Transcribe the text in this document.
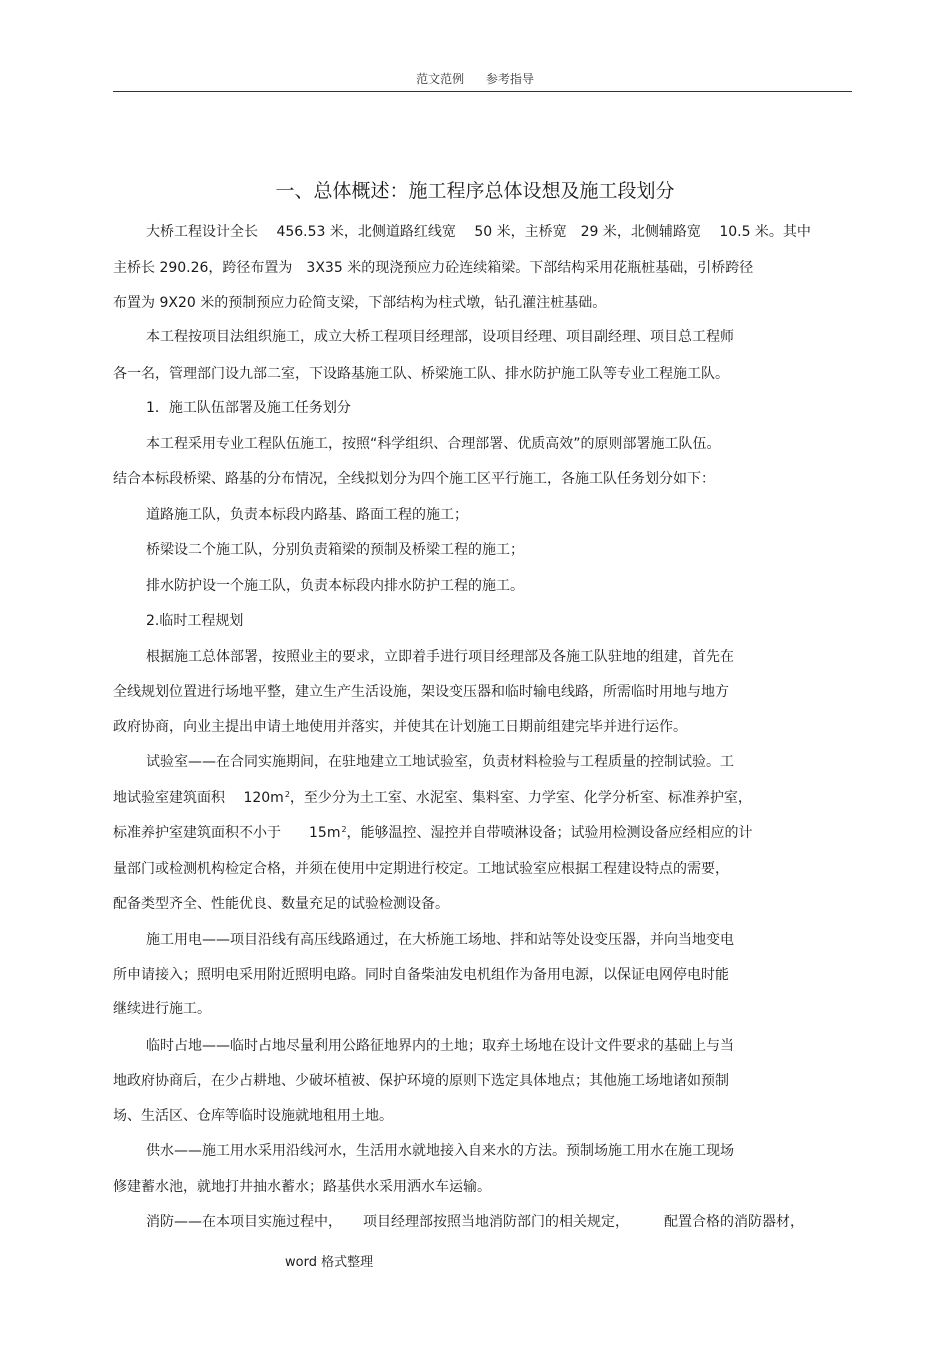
范文范例 参考指导
一、总体概述：施工程序总体设想及施工段划分
大桥工程设计全长　 456.53 米，北侧道路红线宽　 50 米，主桥宽　29 米，北侧辅路宽　 10.5 米。其中
主桥长 290.26，跨径布置为　3X35 米的现浇预应力砼连续箱梁。下部结构采用花瓶桩基础，引桥跨径
布置为 9X20 米的预制预应力砼简支梁，下部结构为柱式墩，钻孔灌注桩基础。
本工程按项目法组织施工，成立大桥工程项目经理部，设项目经理、项目副经理、项目总工程师
各一名，管理部门设九部二室，下设路基施工队、桥梁施工队、排水防护施工队等专业工程施工队。
1．施工队伍部署及施工任务划分
本工程采用专业工程队伍施工，按照“科学组织、合理部署、优质高效”的原则部署施工队伍。
结合本标段桥梁、路基的分布情况，全线拟划分为四个施工区平行施工，各施工队任务划分如下：
道路施工队，负责本标段内路基、路面工程的施工；
桥梁设二个施工队，分别负责箱梁的预制及桥梁工程的施工；
排水防护设一个施工队，负责本标段内排水防护工程的施工。
2.临时工程规划
根据施工总体部署，按照业主的要求，立即着手进行项目经理部及各施工队驻地的组建，首先在
全线规划位置进行场地平整，建立生产生活设施，架设变压器和临时输电线路，所需临时用地与地方
政府协商，向业主提出申请土地使用并落实，并使其在计划施工日期前组建完毕并进行运作。
试验室——在合同实施期间，在驻地建立工地试验室，负责材料检验与工程质量的控制试验。工
地试验室建筑面积　 $120m^2$，至少分为土工室、水泥室、集料室、力学室、化学分析室、标准养护室，
标准养护室建筑面积不小于　　$15m^2$，能够温控、湿控并自带喷淋设备；试验用检测设备应经相应的计
量部门或检测机构检定合格，并须在使用中定期进行校定。工地试验室应根据工程建设特点的需要，
配备类型齐全、性能优良、数量充足的试验检测设备。
施工用电——项目沿线有高压线路通过，在大桥施工场地、拌和站等处设变压器，并向当地变电
所申请接入；照明电采用附近照明电路。同时自备柴油发电机组作为备用电源，以保证电网停电时能
继续进行施工。
临时占地——临时占地尽量利用公路征地界内的土地；取弃土场地在设计文件要求的基础上与当
地政府协商后，在少占耕地、少破坏植被、保护环境的原则下选定具体地点；其他施工场地诸如预制
场、生活区、仓库等临时设施就地租用土地。
供水——施工用水采用沿线河水，生活用水就地接入自来水的方法。预制场施工用水在施工现场
修建蓄水池，就地打井抽水蓄水；路基供水采用洒水车运输。
消防——在本项目实施过程中，　　项目经理部按照当地消防部门的相关规定，　　　配置合格的消防器材，
word 格式整理
